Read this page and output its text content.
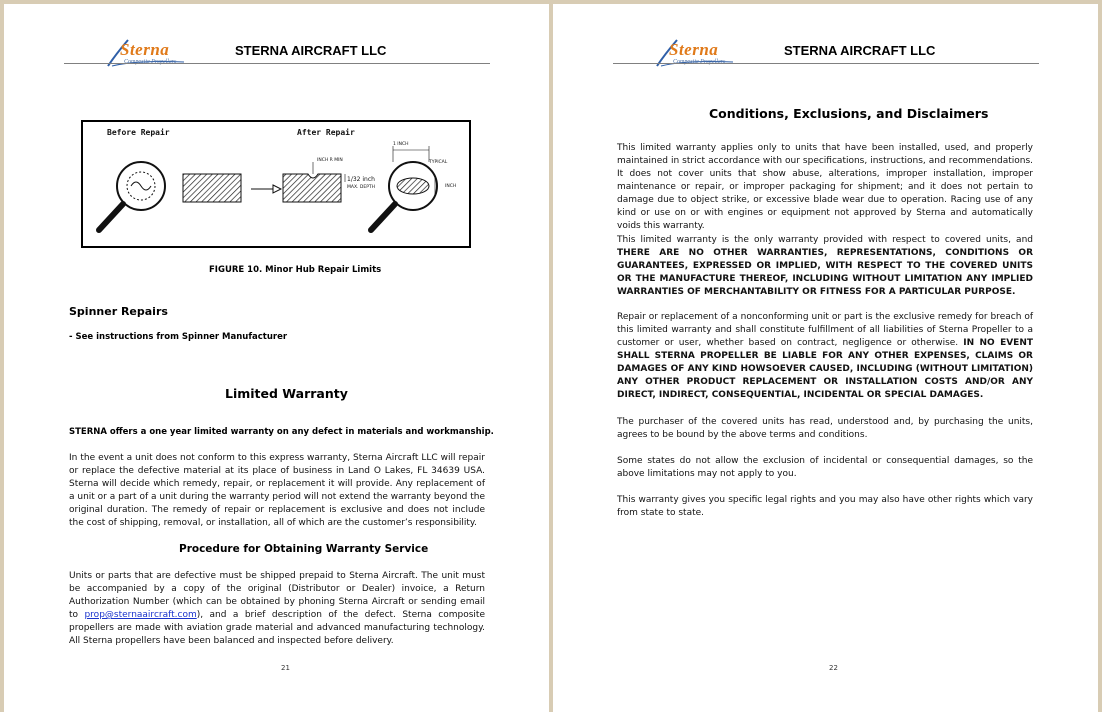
Sterna
Composite Propellers
STERNA AIRCRAFT LLC
Before Repair	After Repair
1 INCH
INCH R MIN
1/32 inch
MAX. DEPTH
TYPICAL
INCH
FIGURE 10. Minor Hub Repair Limits
Spinner Repairs
- See instructions from Spinner Manufacturer
Limited Warranty
STERNA offers a one year limited warranty on any defect in materials and workmanship.
In the event a unit does not conform to this express warranty, Sterna Aircraft LLC will repair or replace the defective material at its place of business in Land O Lakes, FL 34639 USA. Sterna will decide which remedy, repair, or replacement it will provide. Any replacement of a unit or a part of a unit during the warranty period will not extend the warranty beyond the original duration. The remedy of repair or replacement is exclusive and does not include the cost of shipping, removal, or installation, all of which are the customer’s responsibility.
Procedure for Obtaining Warranty Service
Units or parts that are defective must be shipped prepaid to Sterna Aircraft. The unit must be accompanied by a copy of the original (Distributor or Dealer) invoice, a Return Authorization Number (which can be obtained by phoning Sterna Aircraft or sending email to prop@sternaaircraft.com), and a brief description of the defect. Sterna composite propellers are made with aviation grade material and advanced manufacturing technology. All Sterna propellers have been balanced and inspected before delivery.
21
Sterna
Composite Propellers
STERNA AIRCRAFT LLC
Conditions, Exclusions, and Disclaimers
This limited warranty applies only to units that have been installed, used, and properly maintained in strict accordance with our specifications, instructions, and recommendations. It does not cover units that show abuse, alterations, improper installation, improper maintenance or repair, or improper packaging for shipment; and it does not pertain to damage due to object strike, or excessive blade wear due to operation. Racing use of any kind or use on or with engines or equipment not approved by Sterna and automatically voids this warranty.
This limited warranty is the only warranty provided with respect to covered units, and THERE ARE NO OTHER WARRANTIES, REPRESENTATIONS, CONDITIONS OR GUARANTEES, EXPRESSED OR IMPLIED, WITH RESPECT TO THE COVERED UNITS OR THE MANUFACTURE THEREOF, INCLUDING WITHOUT LIMITATION ANY IMPLIED WARRANTIES OF MERCHANTABILITY OR FITNESS FOR A PARTICULAR PURPOSE.
Repair or replacement of a nonconforming unit or part is the exclusive remedy for breach of this limited warranty and shall constitute fulfillment of all liabilities of Sterna Propeller to a customer or user, whether based on contract, negligence or otherwise. IN NO EVENT SHALL STERNA PROPELLER BE LIABLE FOR ANY OTHER EXPENSES, CLAIMS OR DAMAGES OF ANY KIND HOWSOEVER CAUSED, INCLUDING (WITHOUT LIMITATION) ANY OTHER PRODUCT REPLACEMENT OR INSTALLATION COSTS AND/OR ANY DIRECT, INDIRECT, CONSEQUENTIAL, INCIDENTAL OR SPECIAL DAMAGES.
The purchaser of the covered units has read, understood and, by purchasing the units, agrees to be bound by the above terms and conditions.
Some states do not allow the exclusion of incidental or consequential damages, so the above limitations may not apply to you.
This warranty gives you specific legal rights and you may also have other rights which vary from state to state.
22
